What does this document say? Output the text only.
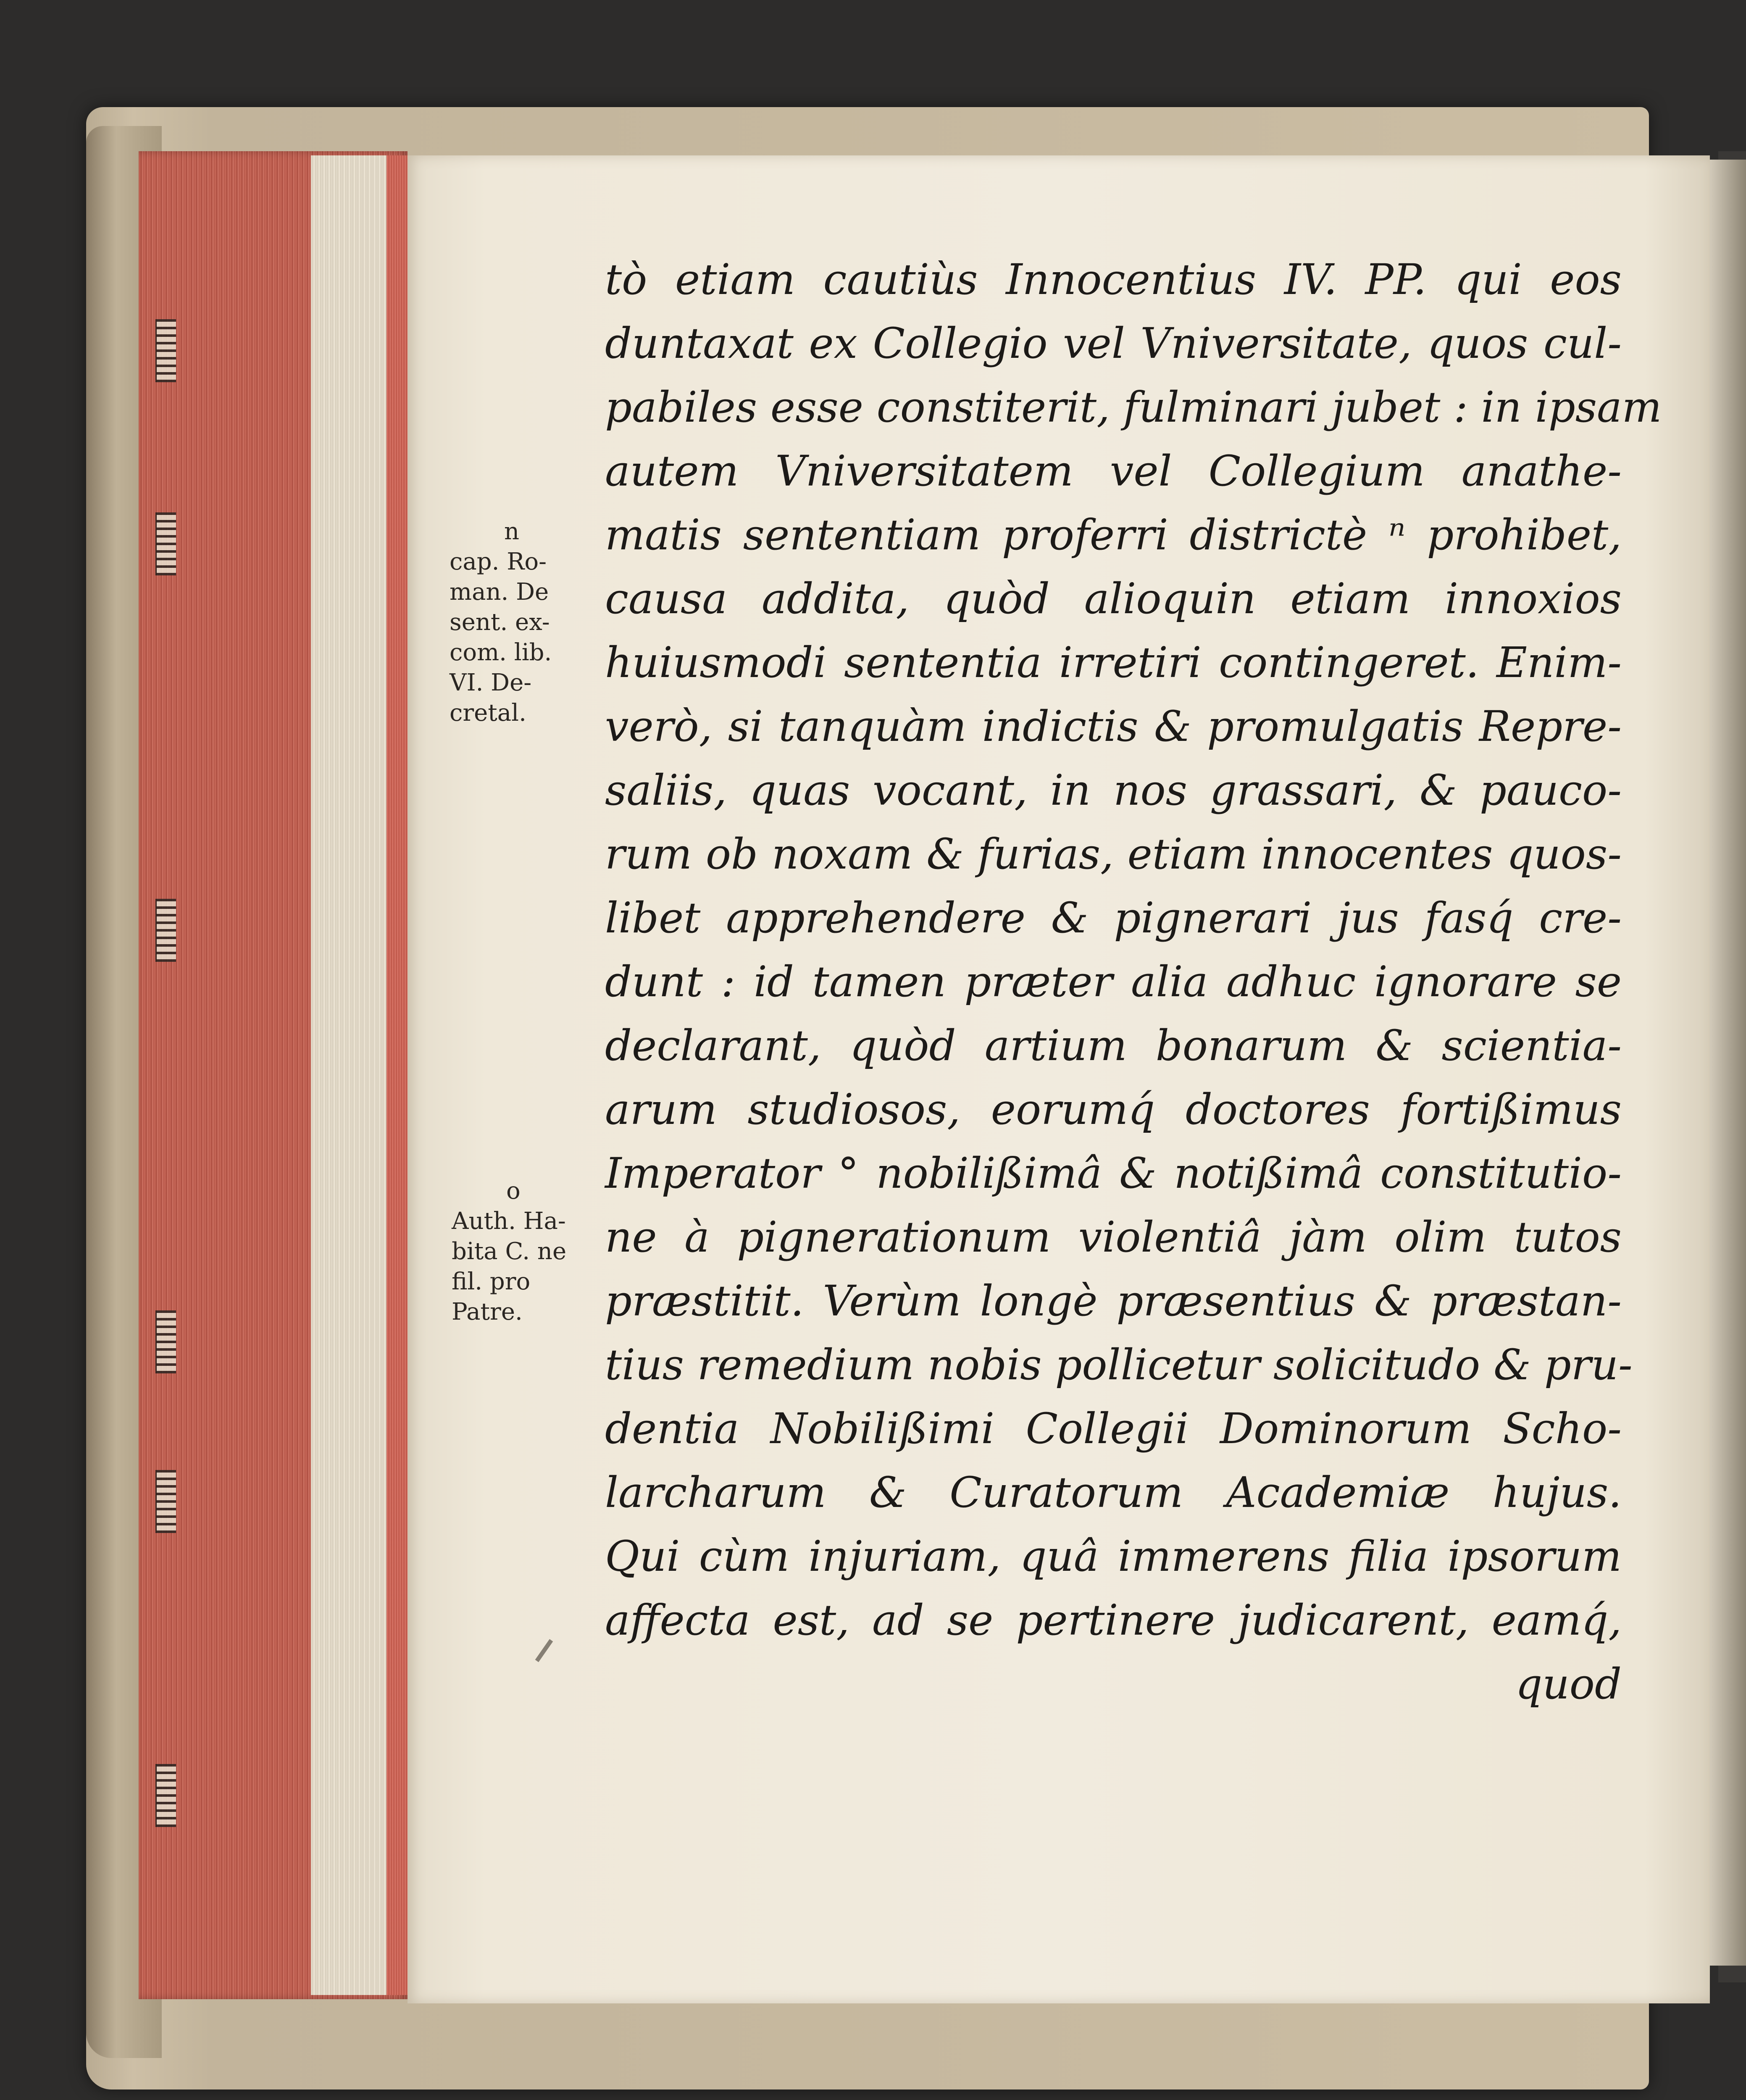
n
cap. Ro-
man. De
sent. ex-
com. lib.
VI. De-
cretal.
o
Auth. Ha-
bita C. ne
fil. pro
Patre.
tò etiam cautiùs Innocentius IV. PP. qui eos
duntaxat ex Collegio vel Vniversitate, quos cul-
pabiles esse constiterit, fulminari jubet : in ipsam
autem Vniversitatem vel Collegium anathe-
matis sententiam proferri districtè ⁿ prohibet,
causa addita, quòd alioquin etiam innoxios
huiusmodi sententia irretiri contingeret. Enim-
verò, si tanquàm indictis & promulgatis Repre-
saliis, quas vocant, in nos grassari, & pauco-
rum ob noxam & furias, etiam innocentes quos-
libet apprehendere & pignerari jus fasq́ cre-
dunt : id tamen præter alia adhuc ignorare se
declarant, quòd artium bonarum & scientia-
arum studiosos, eorumq́ doctores fortißimus
Imperator ° nobilißimâ & notißimâ constitutio-
ne à pignerationum violentiâ jàm olim tutos
præstitit. Verùm longè præsentius & præstan-
tius remedium nobis pollicetur solicitudo & pru-
dentia Nobilißimi Collegii Dominorum Scho-
larcharum & Curatorum Academiæ hujus.
Qui cùm injuriam, quâ immerens filia ipsorum
affecta est, ad se pertinere judicarent, eamq́,
quod
